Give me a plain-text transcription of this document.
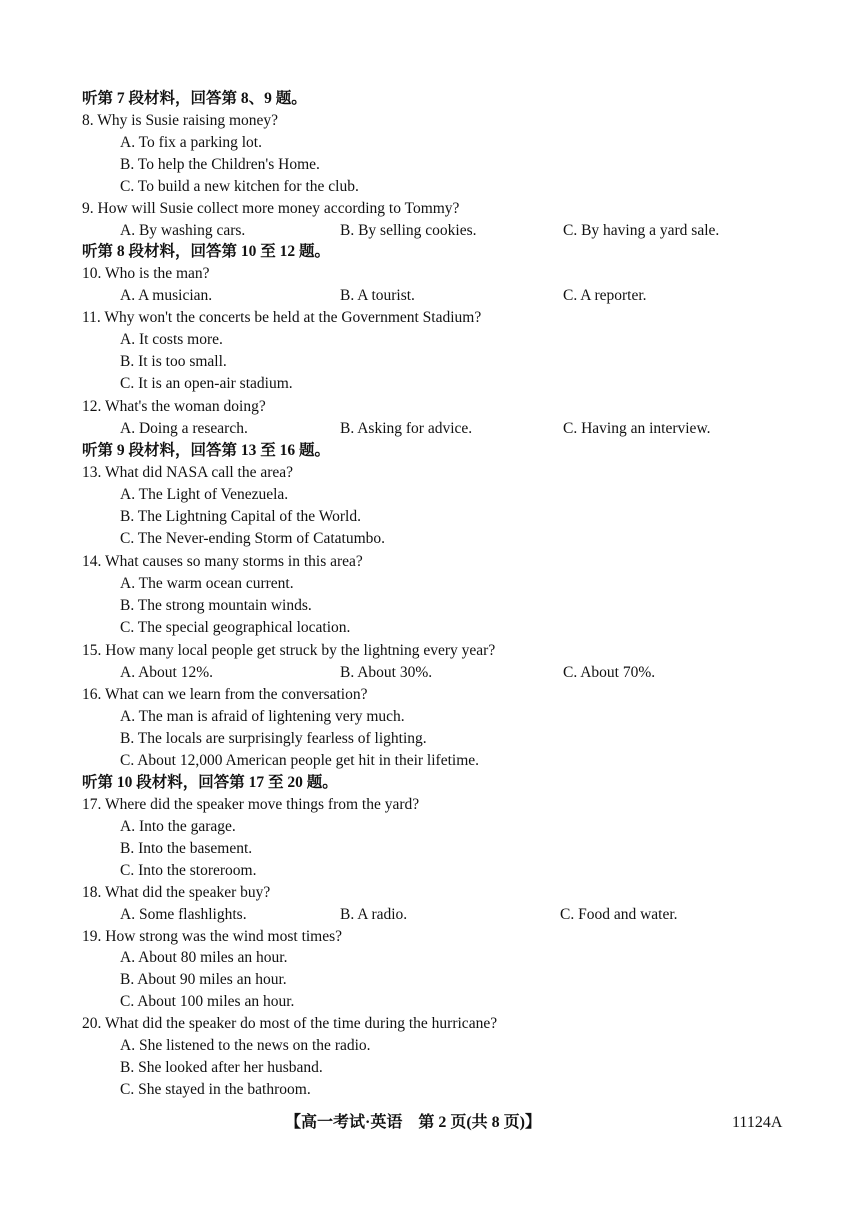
听第 7 段材料，回答第 8、9 题。
8. Why is Susie raising money?
A. To fix a parking lot.
B. To help the Children's Home.
C. To build a new kitchen for the club.
9. How will Susie collect more money according to Tommy?
A. By washing cars.	B. By selling cookies.	C. By having a yard sale.
听第 8 段材料，回答第 10 至 12 题。
10. Who is the man?
A. A musician.	B. A tourist.	C. A reporter.
11. Why won't the concerts be held at the Government Stadium?
A. It costs more.
B. It is too small.
C. It is an open-air stadium.
12. What's the woman doing?
A. Doing a research.	B. Asking for advice.	C. Having an interview.
听第 9 段材料，回答第 13 至 16 题。
13. What did NASA call the area?
A. The Light of Venezuela.
B. The Lightning Capital of the World.
C. The Never-ending Storm of Catatumbo.
14. What causes so many storms in this area?
A. The warm ocean current.
B. The strong mountain winds.
C. The special geographical location.
15. How many local people get struck by the lightning every year?
A. About 12%.	B. About 30%.	C. About 70%.
16. What can we learn from the conversation?
A. The man is afraid of lightening very much.
B. The locals are surprisingly fearless of lighting.
C. About 12,000 American people get hit in their lifetime.
听第 10 段材料，回答第 17 至 20 题。
17. Where did the speaker move things from the yard?
A. Into the garage.
B. Into the basement.
C. Into the storeroom.
18. What did the speaker buy?
A. Some flashlights.	B. A radio.	C. Food and water.
19. How strong was the wind most times?
A. About 80 miles an hour.
B. About 90 miles an hour.
C. About 100 miles an hour.
20. What did the speaker do most of the time during the hurricane?
A. She listened to the news on the radio.
B. She looked after her husband.
C. She stayed in the bathroom.
【高一考试·英语　第 2 页(共 8 页)】	11124A
